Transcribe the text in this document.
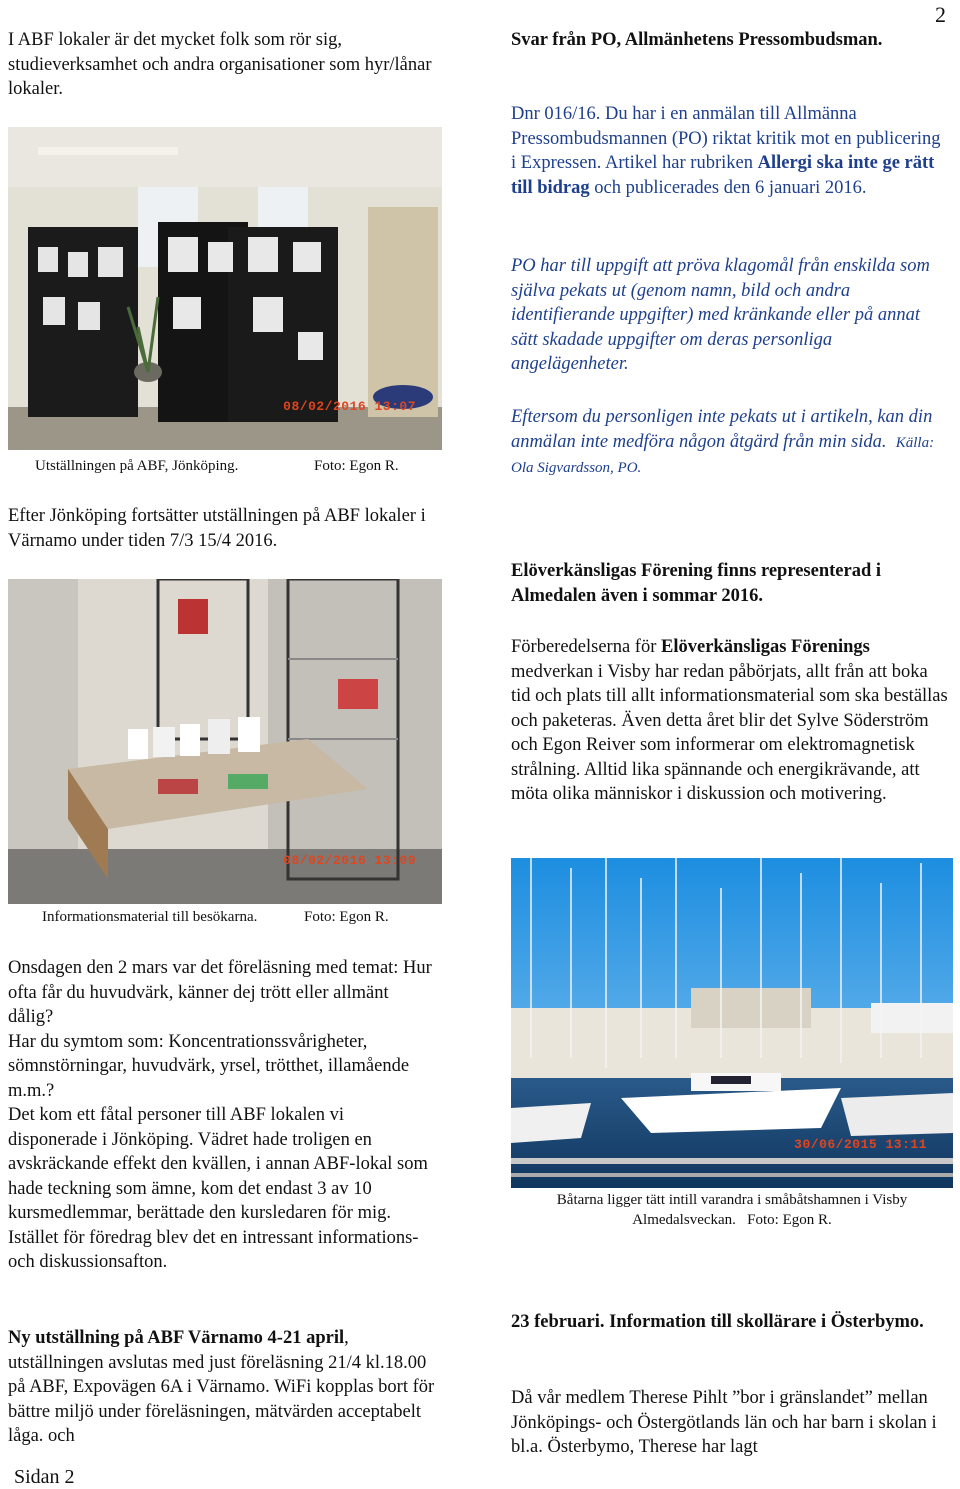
2
I ABF lokaler är det mycket folk som rör sig, studieverksamhet och andra organisationer som hyr/lånar lokaler.
08/02/2016 13:07
Utställningen på ABF, Jönköping.	Foto: Egon R.
Efter Jönköping fortsätter utställningen på ABF lokaler i Värnamo under tiden 7/3 15/4 2016.
08/02/2016 13:09
Informationsmaterial till besökarna.	Foto: Egon R.
Onsdagen den 2 mars var det föreläsning med temat: Hur ofta får du huvudvärk, känner dej trött eller allmänt dålig?
Har du symtom som: Koncentrationssvårigheter, sömnstörningar, huvudvärk, yrsel, trötthet, illamående m.m.?
Det kom ett fåtal personer till ABF lokalen vi disponerade i Jönköping. Vädret hade troligen en avskräckande effekt den kvällen, i annan ABF-lokal som hade teckning som ämne, kom det endast 3 av 10 kursmedlemmar, berättade den kursledaren för mig.
Istället för föredrag blev det en intressant informations- och diskussionsafton.
Ny utställning på ABF Värnamo 4-21 april, utställningen avslutas med just föreläsning 21/4 kl.18.00 på ABF, Expovägen 6A i Värnamo. WiFi kopplas bort för bättre miljö under föreläsningen, mätvärden acceptabelt låga. och
Sidan 2
Svar från PO, Allmänhetens Pressombudsman.
Dnr 016/16. Du har i en anmälan till Allmänna Pressombudsmannen (PO) riktat kritik mot en publicering i Expressen. Artikel har rubriken Allergi ska inte ge rätt till bidrag och publicerades den 6 januari 2016.
PO har till uppgift att pröva klagomål från enskilda som själva pekats ut (genom namn, bild och andra identifierande uppgifter) med kränkande eller på annat sätt skadade uppgifter om deras personliga angelägenheter.
Eftersom du personligen inte pekats ut i artikeln, kan din anmälan inte medföra någon åtgärd från min sida. Källa: Ola Sigvardsson, PO.
Elöverkänsligas Förening finns representerad i Almedalen även i sommar 2016.
Förberedelserna för Elöverkänsligas Förenings medverkan i Visby har redan påbörjats, allt från att boka tid och plats till allt informationsmaterial som ska beställas och paketeras. Även detta året blir det Sylve Söderström och Egon Reiver som informerar om elektromagnetisk strålning. Alltid lika spännande och energikrävande, att möta olika människor i diskussion och motivering.
30/06/2015 13:11
Båtarna ligger tätt intill varandra i småbåtshamnen i Visby Almedalsveckan. Foto: Egon R.
23 februari. Information till skollärare i Österbymo.
Då vår medlem Therese Pihlt ”bor i gränslandet” mellan Jönköpings- och Östergötlands län och har barn i skolan i bl.a. Österbymo, Therese har lagt
